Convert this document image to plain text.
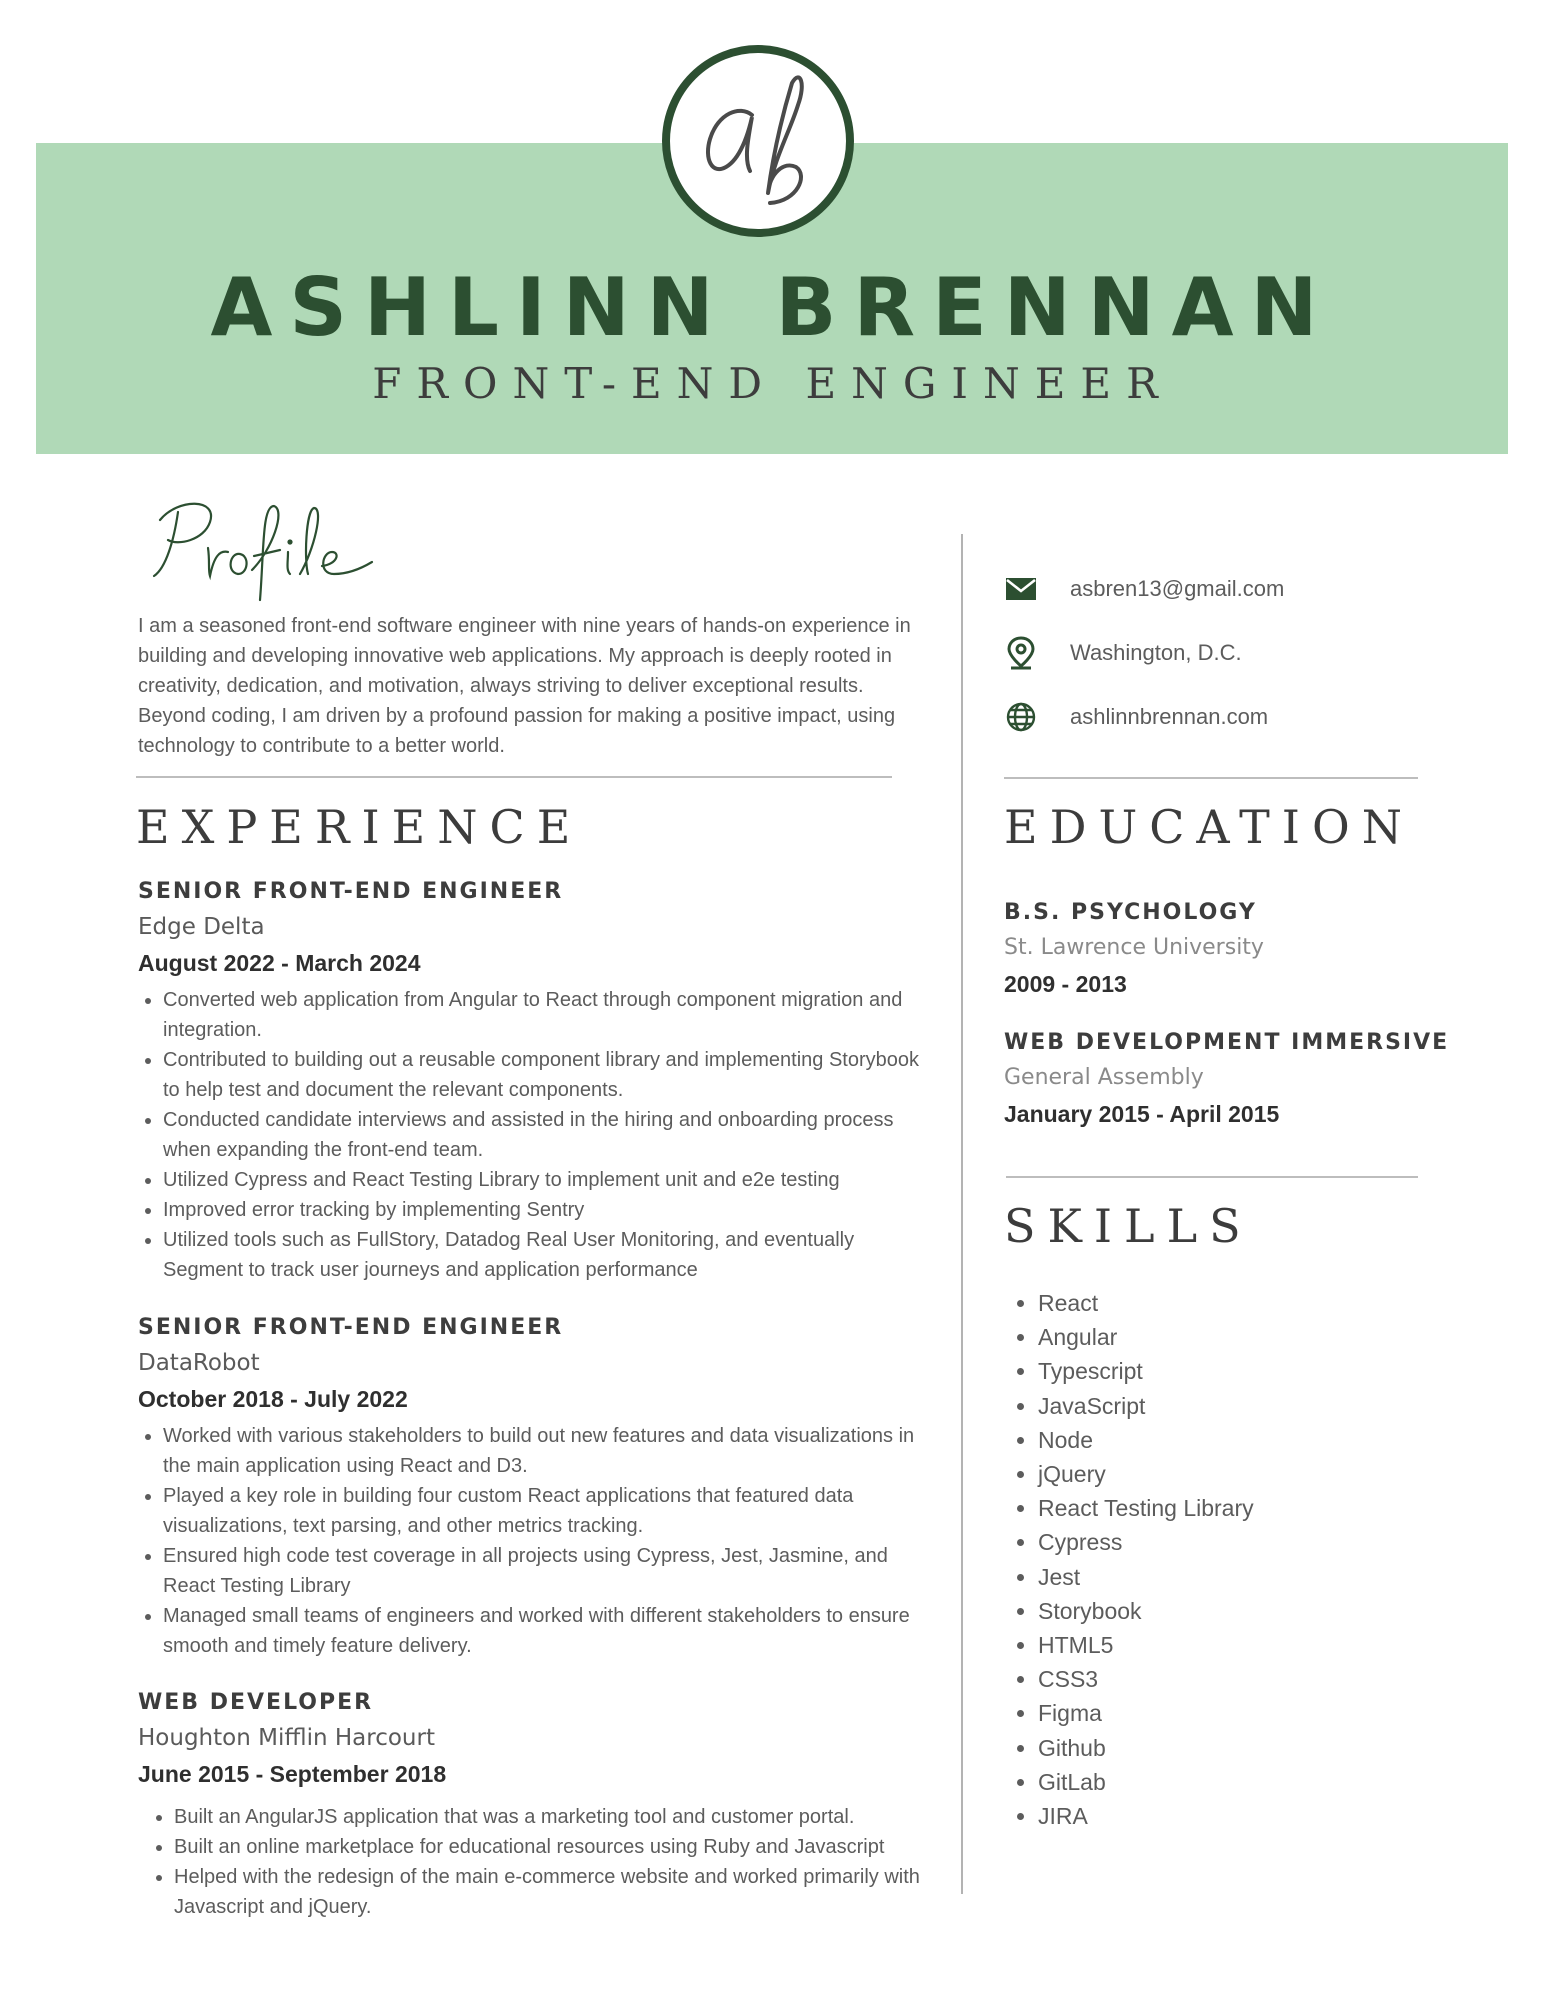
ASHLINN BRENNAN
FRONT-END ENGINEER
I am a seasoned front-end software engineer with nine years of hands-on experience in building and developing innovative web applications. My approach is deeply rooted in creativity, dedication, and motivation, always striving to deliver exceptional results. Beyond coding, I am driven by a profound passion for making a positive impact, using technology to contribute to a better world.
EXPERIENCE
SENIOR FRONT-END ENGINEER
Edge Delta
August 2022 - March 2024
• Converted web application from Angular to React through component migration and integration.
• Contributed to building out a reusable component library and implementing Storybook to help test and document the relevant components.
• Conducted candidate interviews and assisted in the hiring and onboarding process when expanding the front-end team.
• Utilized Cypress and React Testing Library to implement unit and e2e testing
• Improved error tracking by implementing Sentry
• Utilized tools such as FullStory, Datadog Real User Monitoring, and eventually Segment to track user journeys and application performance
SENIOR FRONT-END ENGINEER
DataRobot
October 2018 - July 2022
• Worked with various stakeholders to build out new features and data visualizations in the main application using React and D3.
• Played a key role in building four custom React applications that featured data visualizations, text parsing, and other metrics tracking.
• Ensured high code test coverage in all projects using Cypress, Jest, Jasmine, and React Testing Library
• Managed small teams of engineers and worked with different stakeholders to ensure smooth and timely feature delivery.
WEB DEVELOPER
Houghton Mifflin Harcourt
June 2015 - September 2018
• Built an AngularJS application that was a marketing tool and customer portal.
• Built an online marketplace for educational resources using Ruby and Javascript
• Helped with the redesign of the main e-commerce website and worked primarily with Javascript and jQuery.
asbren13@gmail.com
Washington, D.C.
ashlinnbrennan.com
EDUCATION
B.S. PSYCHOLOGY
St. Lawrence University
2009 - 2013
WEB DEVELOPMENT IMMERSIVE
General Assembly
January 2015 - April 2015
SKILLS
• React
• Angular
• Typescript
• JavaScript
• Node
• jQuery
• React Testing Library
• Cypress
• Jest
• Storybook
• HTML5
• CSS3
• Figma
• Github
• GitLab
• JIRA
